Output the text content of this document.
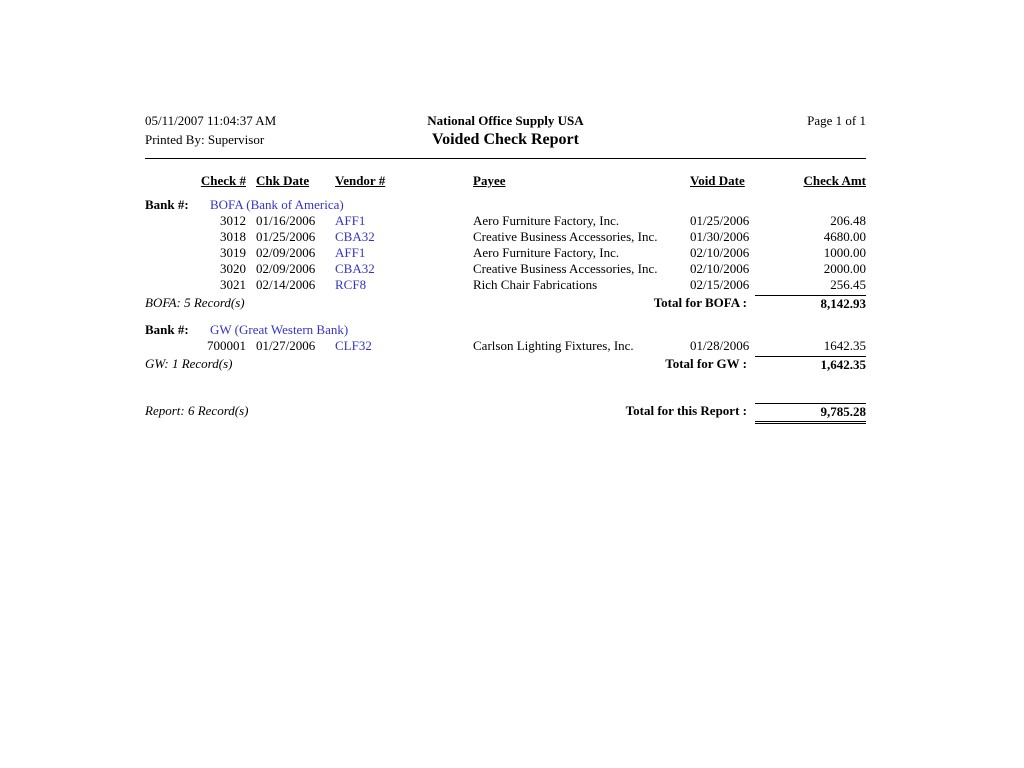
05/11/2007 11:04:37 AM	National Office Supply USA	Page 1 of 1
Printed By: Supervisor	Voided Check Report
Check # Chk Date	Vendor #	Payee	Void Date	Check Amt
Bank #:	BOFA (Bank of America)
3012 01/16/2006	AFF1	Aero Furniture Factory, Inc.	01/25/2006	206.48
3018 01/25/2006	CBA32	Creative Business Accessories, Inc.	01/30/2006	4680.00
3019 02/09/2006	AFF1	Aero Furniture Factory, Inc.	02/10/2006	1000.00
3020 02/09/2006	CBA32	Creative Business Accessories, Inc.	02/10/2006	2000.00
3021 02/14/2006	RCF8	Rich Chair Fabrications	02/15/2006	256.45
BOFA: 5 Record(s)	Total for BOFA :	8,142.93
Bank #:	GW (Great Western Bank)
700001 01/27/2006	CLF32	Carlson Lighting Fixtures, Inc.	01/28/2006	1642.35
GW: 1 Record(s)	Total for GW :	1,642.35
Report: 6 Record(s)	Total for this Report :	9,785.28
